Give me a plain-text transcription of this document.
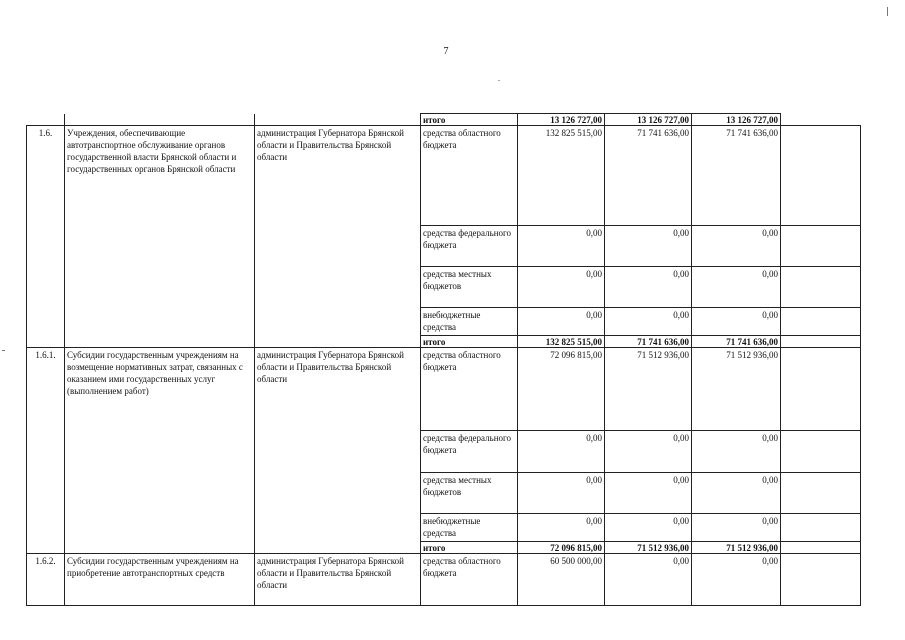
7
			итого	13 126 727,00	13 126 727,00	13 126 727,00	
1.6.	Учреждения, обеспечивающие автотранспортное обслуживание органов государственной власти Брянской области и государственных органов Брянской области	администрация Губернатора Брянской области и Правительства Брянской области	средства областного бюджета	132 825 515,00	71 741 636,00	71 741 636,00	
			средства федерального бюджета	0,00	0,00	0,00	
			средства местных бюджетов	0,00	0,00	0,00	
			внебюджетные средства	0,00	0,00	0,00	
			итого	132 825 515,00	71 741 636,00	71 741 636,00	
1.6.1.	Субсидии государственным учреждениям на возмещение нормативных затрат, связанных с оказанием ими государственных услуг (выполнением работ)	администрация Губернатора Брянской области и Правительства Брянской области	средства областного бюджета	72 096 815,00	71 512 936,00	71 512 936,00	
			средства федерального бюджета	0,00	0,00	0,00	
			средства местных бюджетов	0,00	0,00	0,00	
			внебюджетные средства	0,00	0,00	0,00	
			итого	72 096 815,00	71 512 936,00	71 512 936,00	
1.6.2.	Субсидии государственным учреждениям на приобретение автотранспортных средств	администрация Губернатора Брянской области и Правительства Брянской области	средства областного бюджета	60 500 000,00	0,00	0,00	
